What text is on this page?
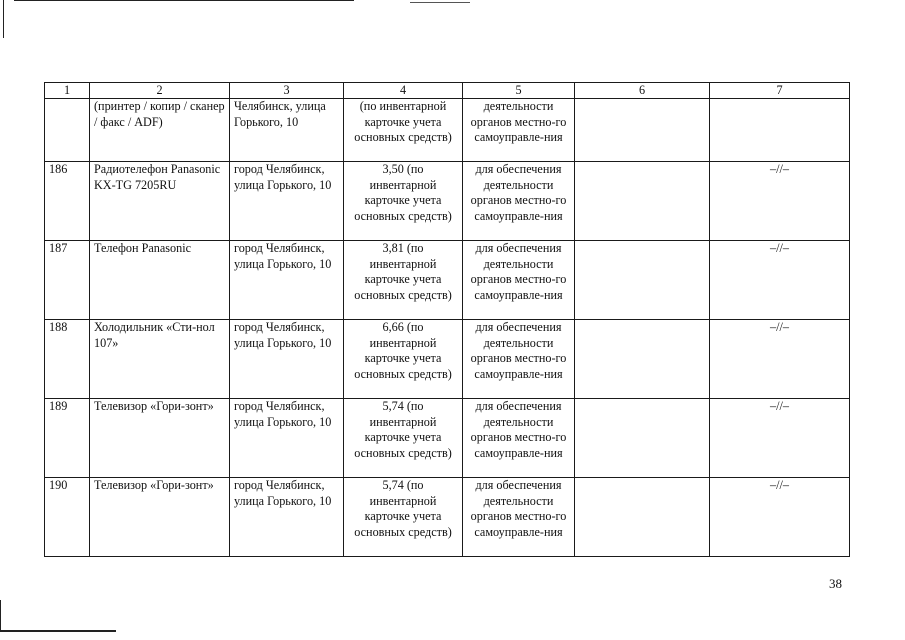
1	2	3	4	5	6	7
	(принтер / копир / сканер / факс / ADF)	Челябинск, улица Горького, 10	(по инвентарной карточке учета основных средств)	деятельности органов местно-го самоуправле-ния		
186	Радиотелефон Panasonic KX-TG 7205RU	город Челябинск, улица Горького, 10	3,50 (по инвентарной карточке учета основных средств)	для обеспечения деятельности органов местно-го самоуправле-ния		–//–
187	Телефон Panasonic	город Челябинск, улица Горького, 10	3,81 (по инвентарной карточке учета основных средств)	для обеспечения деятельности органов местно-го самоуправле-ния		–//–
188	Холодильник «Сти-нол 107»	город Челябинск, улица Горького, 10	6,66 (по инвентарной карточке учета основных средств)	для обеспечения деятельности органов местно-го самоуправле-ния		–//–
189	Телевизор «Гори-зонт»	город Челябинск, улица Горького, 10	5,74 (по инвентарной карточке учета основных средств)	для обеспечения деятельности органов местно-го самоуправле-ния		–//–
190	Телевизор «Гори-зонт»	город Челябинск, улица Горького, 10	5,74 (по инвентарной карточке учета основных средств)	для обеспечения деятельности органов местно-го самоуправле-ния		–//–
38
